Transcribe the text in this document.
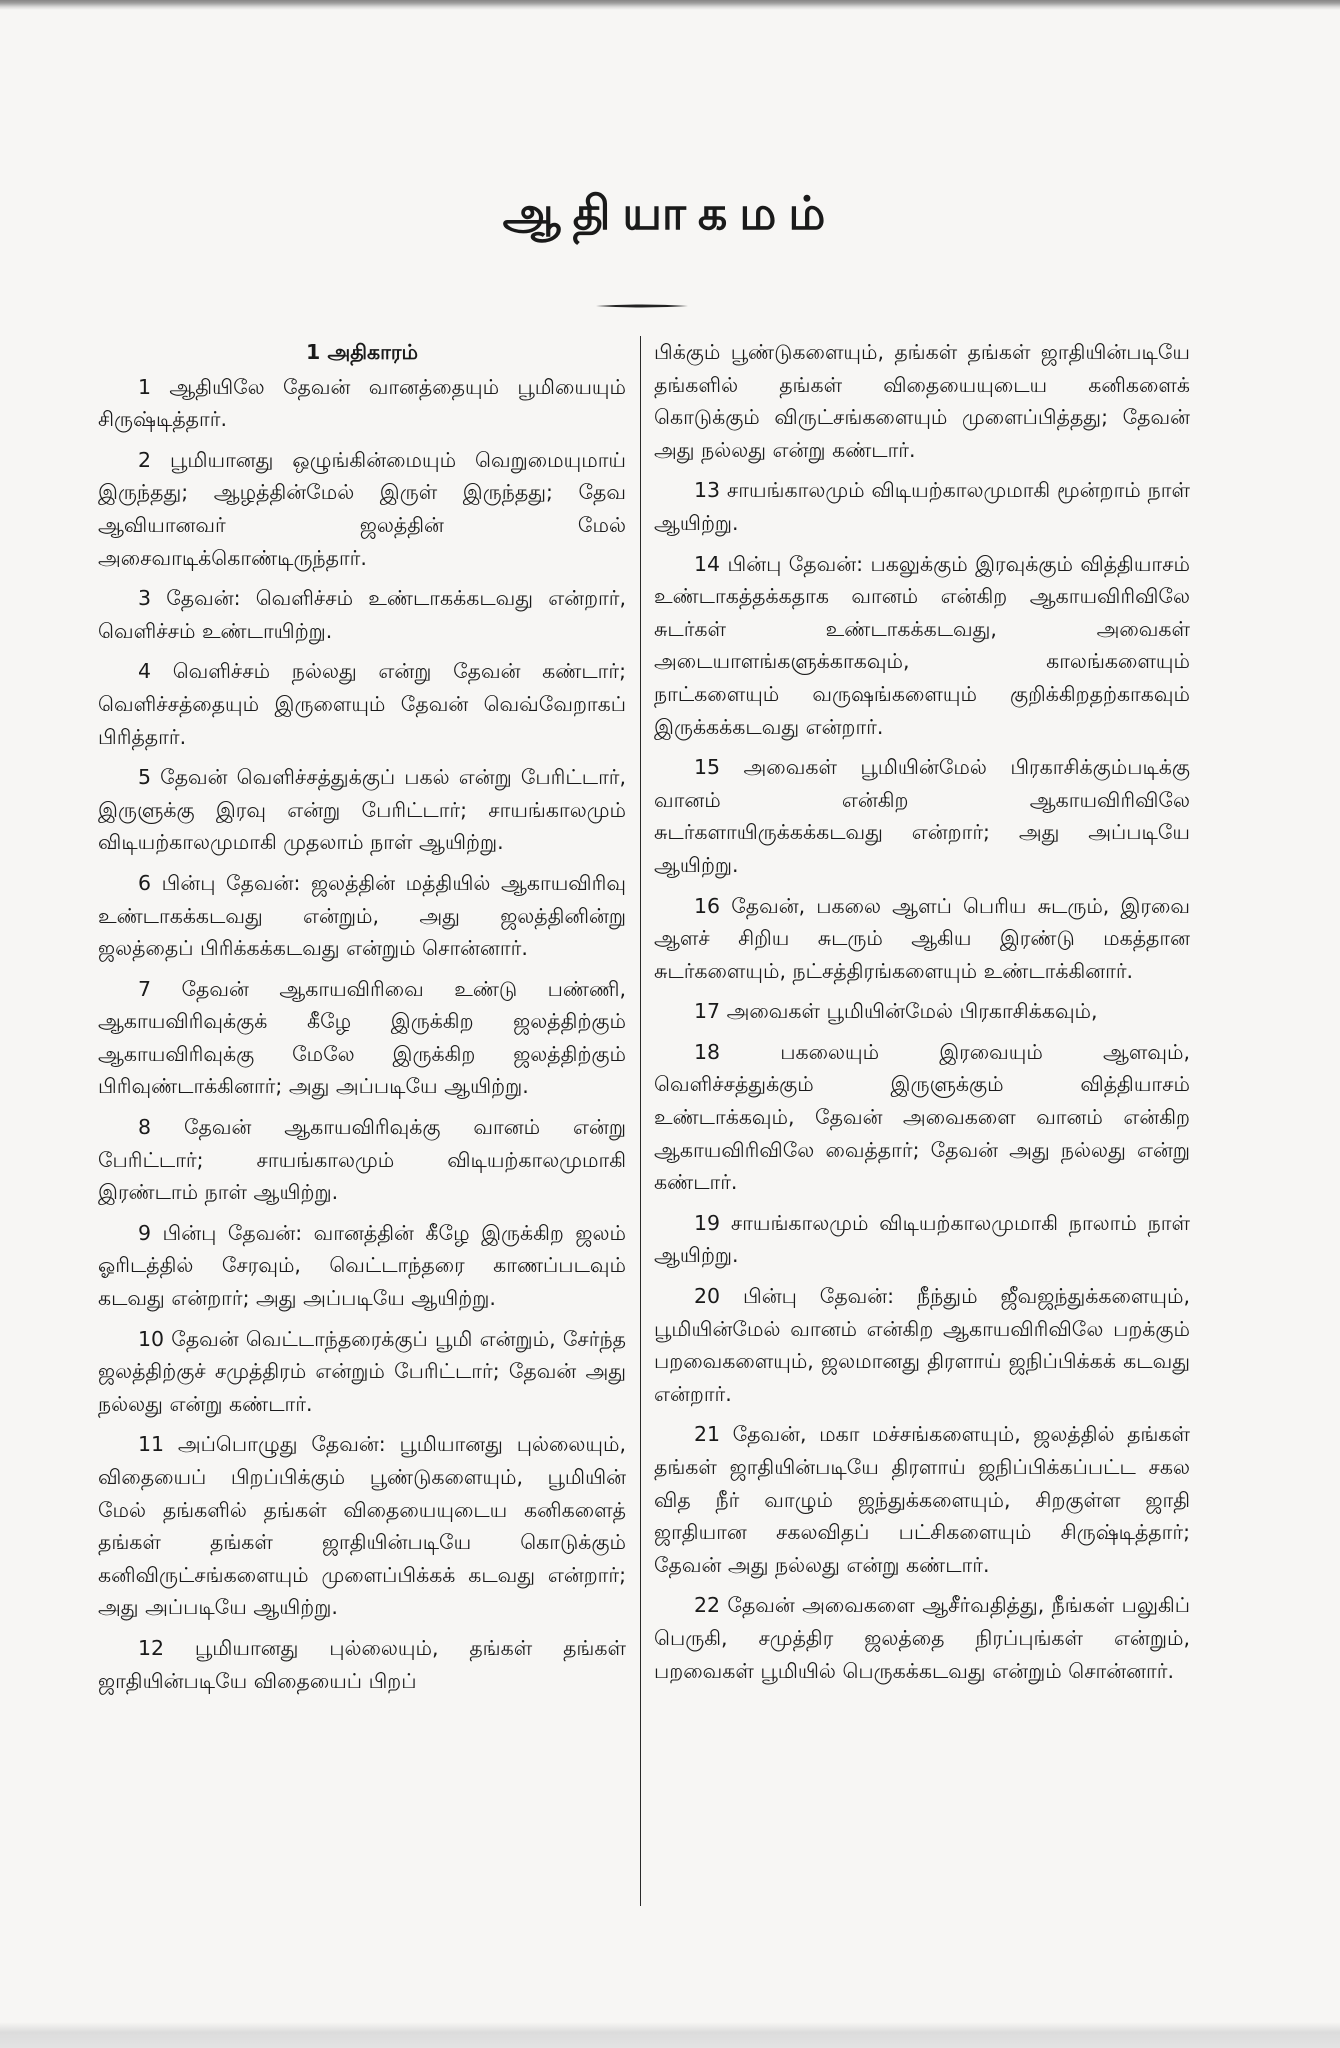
ஆதியாகமம்
1 அதிகாரம்

1 ஆதியிலே தேவன் வானத்தையும் பூமியையும் சிருஷ்டித்தார்.

2 பூமியானது ஒழுங்கின்மையும் வெறுமையுமாய் இருந்தது; ஆழத்தின்மேல் இருள் இருந்தது; தேவ ஆவியானவர் ஜலத்தின் மேல் அசைவாடிக்கொண்டிருந்தார்.

3 தேவன்: வெளிச்சம் உண்டாகக்கடவது என்றார், வெளிச்சம் உண்டாயிற்று.

4 வெளிச்சம் நல்லது என்று தேவன் கண்டார்; வெளிச்சத்தையும் இருளையும் தேவன் வெவ்வேறாகப் பிரித்தார்.

5 தேவன் வெளிச்சத்துக்குப் பகல் என்று பேரிட்டார், இருளுக்கு இரவு என்று பேரிட்டார்; சாயங்காலமும் விடியற்காலமுமாகி முதலாம் நாள் ஆயிற்று.

6 பின்பு தேவன்: ஜலத்தின் மத்தியில் ஆகாயவிரிவு உண்டாகக்கடவது என்றும், அது ஜலத்தினின்று ஜலத்தைப் பிரிக்கக்கடவது என்றும் சொன்னார்.

7 தேவன் ஆகாயவிரிவை உண்டு பண்ணி, ஆகாயவிரிவுக்குக் கீழே இருக்கிற ஜலத்திற்கும் ஆகாயவிரிவுக்கு மேலே இருக்கிற ஜலத்திற்கும் பிரிவுண்டாக்கினார்; அது அப்படியே ஆயிற்று.

8 தேவன் ஆகாயவிரிவுக்கு வானம் என்று பேரிட்டார்; சாயங்காலமும் விடியற்காலமுமாகி இரண்டாம் நாள் ஆயிற்று.

9 பின்பு தேவன்: வானத்தின் கீழே இருக்கிற ஜலம் ஓரிடத்தில் சேரவும், வெட்டாந்தரை காணப்படவும் கடவது என்றார்; அது அப்படியே ஆயிற்று.

10 தேவன் வெட்டாந்தரைக்குப் பூமி என்றும், சேர்ந்த ஜலத்திற்குச் சமுத்திரம் என்றும் பேரிட்டார்; தேவன் அது நல்லது என்று கண்டார்.

11 அப்பொழுது தேவன்: பூமியானது புல்லையும், விதையைப் பிறப்பிக்கும் பூண்டுகளையும், பூமியின் மேல் தங்களில் தங்கள் விதையையுடைய கனிகளைத் தங்கள் தங்கள் ஜாதியின்படியே கொடுக்கும் கனிவிருட்சங்களையும் முளைப்பிக்கக் கடவது என்றார்; அது அப்படியே ஆயிற்று.

12 பூமியானது புல்லையும், தங்கள் தங்கள் ஜாதியின்படியே விதையைப் பிறப்

பிக்கும் பூண்டுகளையும், தங்கள் தங்கள் ஜாதியின்படியே தங்களில் தங்கள் விதையையுடைய கனிகளைக் கொடுக்கும் விருட்சங்களையும் முளைப்பித்தது; தேவன் அது நல்லது என்று கண்டார்.

13 சாயங்காலமும் விடியற்காலமுமாகி மூன்றாம் நாள் ஆயிற்று.

14 பின்பு தேவன்: பகலுக்கும் இரவுக்கும் வித்தியாசம் உண்டாகத்தக்கதாக வானம் என்கிற ஆகாயவிரிவிலே சுடர்கள் உண்டாகக்கடவது, அவைகள் அடையாளங்களுக்காகவும், காலங்களையும் நாட்களையும் வருஷங்களையும் குறிக்கிறதற்காகவும் இருக்கக்கடவது என்றார்.

15 அவைகள் பூமியின்மேல் பிரகாசிக்கும்படிக்கு வானம் என்கிற ஆகாயவிரிவிலே சுடர்களாயிருக்கக்கடவது என்றார்; அது அப்படியே ஆயிற்று.

16 தேவன், பகலை ஆளப் பெரிய சுடரும், இரவை ஆளச் சிறிய சுடரும் ஆகிய இரண்டு மகத்தான சுடர்களையும், நட்சத்திரங்களையும் உண்டாக்கினார்.

17 அவைகள் பூமியின்மேல் பிரகாசிக்கவும்,

18 பகலையும் இரவையும் ஆளவும், வெளிச்சத்துக்கும் இருளுக்கும் வித்தியாசம் உண்டாக்கவும், தேவன் அவைகளை வானம் என்கிற ஆகாயவிரிவிலே வைத்தார்; தேவன் அது நல்லது என்று கண்டார்.

19 சாயங்காலமும் விடியற்காலமுமாகி நாலாம் நாள் ஆயிற்று.

20 பின்பு தேவன்: நீந்தும் ஜீவஜந்துக்களையும், பூமியின்மேல் வானம் என்கிற ஆகாயவிரிவிலே பறக்கும் பறவைகளையும், ஜலமானது திரளாய் ஜநிப்பிக்கக் கடவது என்றார்.

21 தேவன், மகா மச்சங்களையும், ஜலத்தில் தங்கள் தங்கள் ஜாதியின்படியே திரளாய் ஜநிப்பிக்கப்பட்ட சகல வித நீர் வாழும் ஜந்துக்களையும், சிறகுள்ள ஜாதி ஜாதியான சகலவிதப் பட்சிகளையும் சிருஷ்டித்தார்; தேவன் அது நல்லது என்று கண்டார்.

22 தேவன் அவைகளை ஆசீர்வதித்து, நீங்கள் பலுகிப் பெருகி, சமுத்திர ஜலத்தை நிரப்புங்கள் என்றும், பறவைகள் பூமியில் பெருகக்கடவது என்றும் சொன்னார்.
